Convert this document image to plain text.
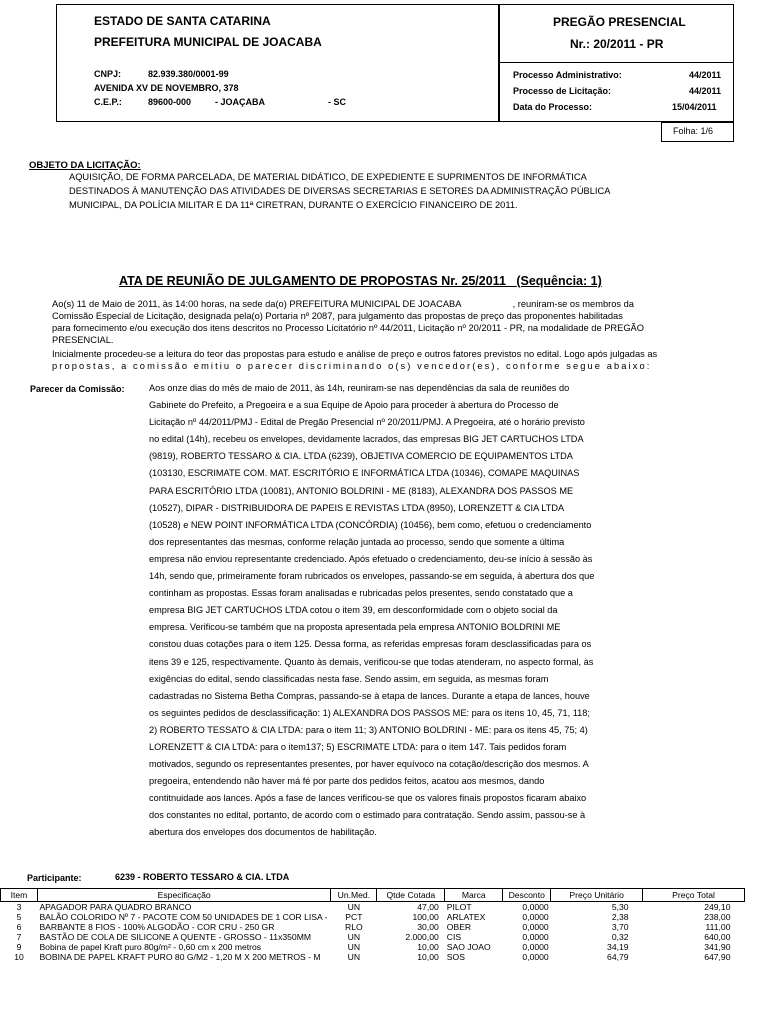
ESTADO DE SANTA CATARINA
PREFEITURA MUNICIPAL DE JOACABA
CNPJ:	82.939.380/0001-99
AVENIDA XV DE NOVEMBRO, 378
C.E.P.:	89600-000	- JOAÇABA	- SC
PREGÃO PRESENCIAL
Nr.: 20/2011 - PR
Processo Administrativo:	44/2011
Processo de Licitação:	44/2011
Data do Processo:	15/04/2011
Folha: 1/6
OBJETO DA LICITAÇÃO:
AQUISIÇÃO, DE FORMA PARCELADA, DE MATERIAL DIDÁTICO, DE EXPEDIENTE E SUPRIMENTOS DE INFORMÁTICA
DESTINADOS À MANUTENÇÃO DAS ATIVIDADES DE DIVERSAS SECRETARIAS E SETORES DA ADMINISTRAÇÃO PÚBLICA
MUNICIPAL, DA POLÍCIA MILITAR E DA 11ª CIRETRAN, DURANTE O EXERCÍCIO FINANCEIRO DE 2011.
ATA DE REUNIÃO DE JULGAMENTO DE PROPOSTAS Nr. 25/2011 (Sequência: 1)
Ao(s) 11 de Maio de 2011, às 14:00 horas, na sede da(o) PREFEITURA MUNICIPAL DE JOACABA                    , reuniram-se os membros da
Comissão Especial de Licitação, designada pela(o) Portaria nº 2087, para julgamento das propostas de preço das proponentes habilitadas
para fornecimento e/ou execução dos itens descritos no Processo Licitatório nº 44/2011, Licitação nº 20/2011 - PR, na modalidade de PREGÃO
PRESENCIAL.
Inicialmente procedeu-se a leitura do teor das propostas para estudo e análise de preço e outros fatores previstos no edital. Logo após julgadas as
propostas, a comissão emitiu o parecer discriminando o(s) vencedor(es), conforme segue abaixo:
Parecer da Comissão:	Aos onze dias do mês de maio de 2011, às 14h, reuniram-se nas dependências da sala de reuniões do
Gabinete do Prefeito, a Pregoeira e a sua Equipe de Apoio para proceder à abertura do Processo de
Licitação nº 44/2011/PMJ - Edital de Pregão Presencial nº 20/2011/PMJ. A Pregoeira, até o horário previsto
no edital (14h), recebeu os envelopes, devidamente lacrados, das empresas BIG JET CARTUCHOS LTDA
(9819), ROBERTO TESSARO & CIA. LTDA (6239), OBJETIVA COMERCIO DE EQUIPAMENTOS LTDA
(103130, ESCRIMATE COM. MAT. ESCRITÓRIO E INFORMÁTICA LTDA (10346), COMAPE MAQUINAS
PARA ESCRITÓRIO LTDA (10081), ANTONIO BOLDRINI - ME (8183), ALEXANDRA DOS PASSOS ME
(10527), DIPAR - DISTRIBUIDORA DE PAPEIS E REVISTAS LTDA (8950), LORENZETT & CIA LTDA
(10528) e NEW POINT INFORMÁTICA LTDA (CONCÓRDIA) (10456), bem como, efetuou o credenciamento
dos representantes das mesmas, conforme relação juntada ao processo, sendo que somente a última
empresa não enviou representante credenciado. Após efetuado o credenciamento, deu-se início à sessão às
14h, sendo que, primeiramente foram rubricados os envelopes, passando-se em seguida, à abertura dos que
continham as propostas. Essas foram analisadas e rubricadas pelos presentes, sendo constatado que a
empresa BIG JET CARTUCHOS LTDA cotou o item 39, em desconformidade com o objeto social da
empresa. Verificou-se também que na proposta apresentada pela empresa ANTONIO BOLDRINI ME
constou duas cotações para o item 125. Dessa forma, as referidas empresas foram desclassificadas para os
itens 39 e 125, respectivamente. Quanto às demais, verificou-se que todas atenderam, no aspecto formal, às
exigências do edital, sendo classificadas nesta fase. Sendo assim, em seguida, as mesmas foram
cadastradas no Sistema Betha Compras, passando-se à etapa de lances. Durante a etapa de lances, houve
os seguintes pedidos de desclassificação: 1) ALEXANDRA DOS PASSOS ME: para os itens 10, 45, 71, 118;
2) ROBERTO TESSATO & CIA LTDA: para o item 11; 3) ANTONIO BOLDRINI - ME: para os itens 45, 75; 4)
LORENZETT & CIA LTDA: para o item137; 5) ESCRIMATE LTDA: para o item 147. Tais pedidos foram
motivados, segundo os representantes presentes, por haver equívoco na cotação/descrição dos mesmos. A
pregoeira, entendendo não haver má fé por parte dos pedidos feitos, acatou aos mesmos, dando
contitnuidade aos lances. Após a fase de lances verificou-se que os valores finais propostos ficaram abaixo
dos constantes no edital, portanto, de acordo com o estimado para contratação. Sendo assim, passou-se à
abertura dos envelopes dos documentos de habilitação.
Participante:	6239 - ROBERTO TESSARO & CIA. LTDA
Item	Especificação	Un.Med.	Qtde Cotada	Marca	Desconto	Preço Unitário	Preço Total
3	APAGADOR PARA QUADRO BRANCO	UN	47,00	PILOT	0,0000	5,30	249,10
5	BALÃO COLORIDO Nº 7 - PACOTE COM 50 UNIDADES DE 1 COR LISA -	PCT	100,00	ARLATEX	0,0000	2,38	238,00
6	BARBANTE 8 FIOS - 100% ALGODÃO - COR CRU - 250 GR	RLO	30,00	OBER	0,0000	3,70	111,00
7	BASTÃO DE COLA DE SILICONE A QUENTE - GROSSO - 11x350MM	UN	2.000,00	CIS	0,0000	0,32	640,00
9	Bobina de papel Kraft puro 80g/m² - 0,60 cm x 200 metros	UN	10,00	SAO JOAO	0,0000	34,19	341,90
10	BOBINA DE PAPEL KRAFT PURO 80 G/M2 - 1,20 M X 200 METROS - M	UN	10,00	SOS	0,0000	64,79	647,90
